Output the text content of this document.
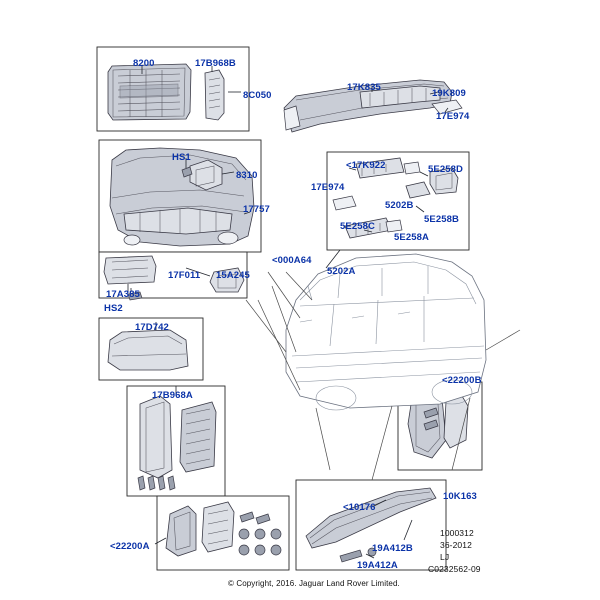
8200	17B968B
8C050
17K835
19K809
17E974
HS1
8310
<17K922	5E258D
17E974
5202B
5E258B
17757
5E258C
5E258A
<000A64
5202A
17F011 15A245
17A385
HS2
17D742
<22200B
17B968A
10K163
<10176
19A412B
<22200A
19A412A
1000312
36-2012
LJ
C0232562-09
© Copyright, 2016. Jaguar Land Rover Limited.
